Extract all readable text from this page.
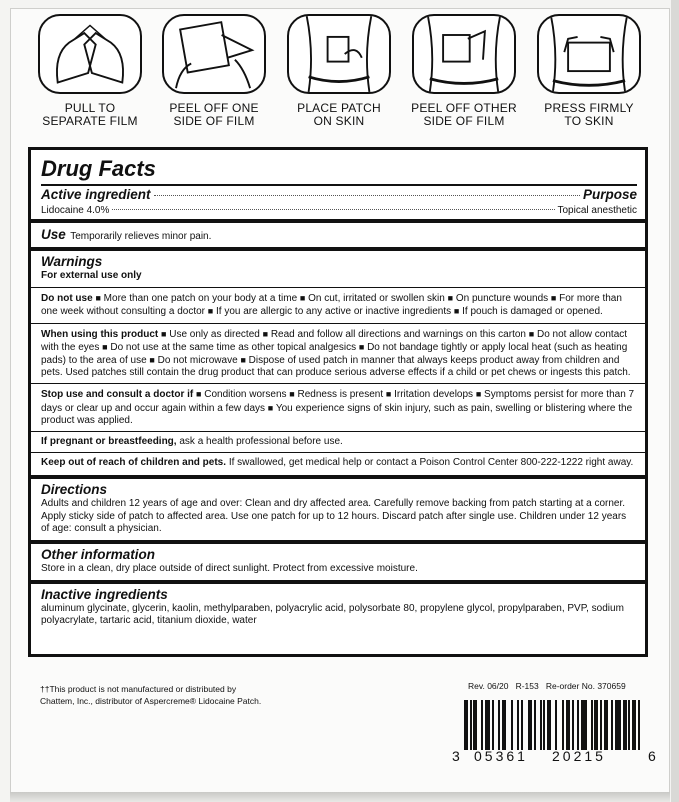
PULL TO
SEPARATE FILM
PEEL OFF ONE
SIDE OF FILM
PLACE PATCH
ON SKIN
PEEL OFF OTHER
SIDE OF FILM
PRESS FIRMLY
TO SKIN
Drug Facts
Active ingredient	Purpose
Lidocaine 4.0%	Topical anesthetic
Use Temporarily relieves minor pain.
Warnings
For external use only
Do not use ■ More than one patch on your body at a time ■ On cut, irritated or swollen skin ■ On puncture wounds ■ For more than one week without consulting a doctor ■ If you are allergic to any active or inactive ingredients ■ If pouch is damaged or opened.
When using this product ■ Use only as directed ■ Read and follow all directions and warnings on this carton ■ Do not allow contact with the eyes ■ Do not use at the same time as other topical analgesics ■ Do not bandage tightly or apply local heat (such as heating pads) to the area of use ■ Do not microwave ■ Dispose of used patch in manner that always keeps product away from children and pets. Used patches still contain the drug product that can produce serious adverse effects if a child or pet chews or ingests this patch.
Stop use and consult a doctor if ■ Condition worsens ■ Redness is present ■ Irritation develops ■ Symptoms persist for more than 7 days or clear up and occur again within a few days ■ You experience signs of skin injury, such as pain, swelling or blistering where the product was applied.
If pregnant or breastfeeding, ask a health professional before use.
Keep out of reach of children and pets. If swallowed, get medical help or contact a Poison Control Center 800-222-1222 right away.
Directions
Adults and children 12 years of age and over: Clean and dry affected area. Carefully remove backing from patch starting at a corner. Apply sticky side of patch to affected area. Use one patch for up to 12 hours. Discard patch after single use. Children under 12 years of age: consult a physician.
Other information
Store in a clean, dry place outside of direct sunlight. Protect from excessive moisture.
Inactive ingredients
aluminum glycinate, glycerin, kaolin, methylparaben, polyacrylic acid, polysorbate 80, propylene glycol, propylparaben, PVP, sodium polyacrylate, tartaric acid, titanium dioxide, water
††This product is not manufactured or distributed by
Chattem, Inc., distributor of Aspercreme® Lidocaine Patch.
Rev. 06/20 R-153 Re-order No. 370659
3 05361 20215	6
